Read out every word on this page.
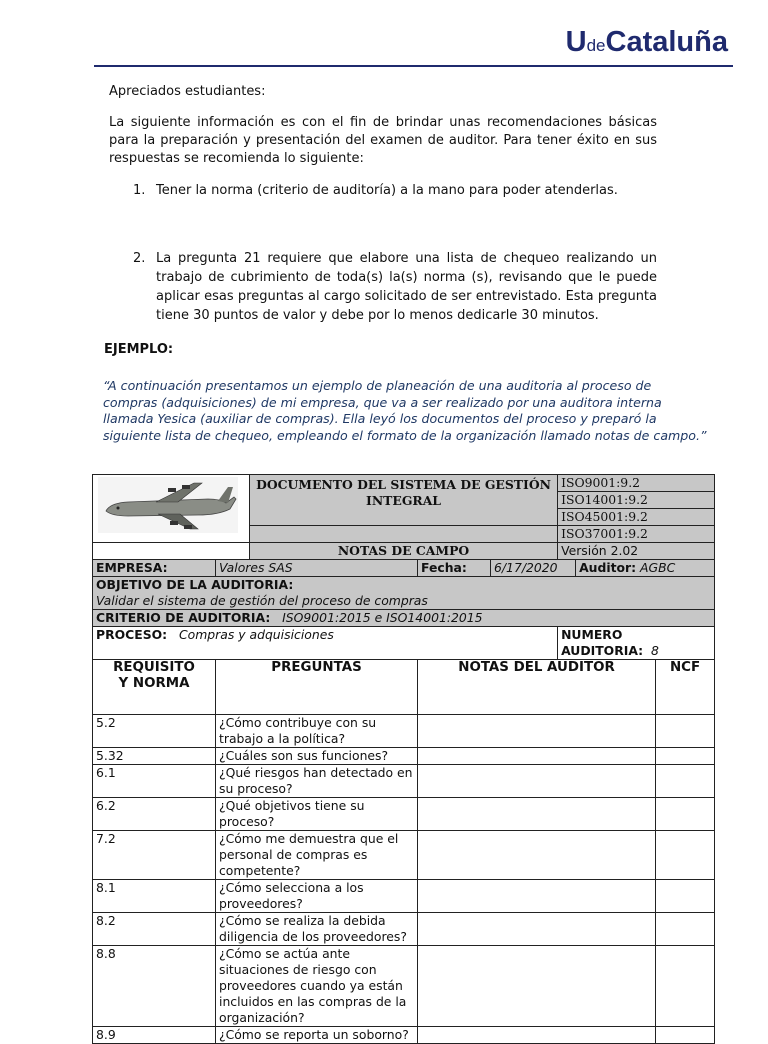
UdeCataluña

Apreciados estudiantes:

La siguiente información es con el fin de brindar unas recomendaciones básicas para la preparación y presentación del examen de auditor. Para tener éxito en sus respuestas se recomienda lo siguiente:

1. Tener la norma (criterio de auditoría) a la mano para poder atenderlas.
2. La pregunta 21 requiere que elabore una lista de chequeo realizando un trabajo de cubrimiento de toda(s) la(s) norma (s), revisando que le puede aplicar esas preguntas al cargo solicitado de ser entrevistado. Esta pregunta tiene 30 puntos de valor y debe por lo menos dedicarle 30 minutos.
EJEMPLO:

“A continuación presentamos un ejemplo de planeación de una auditoria al proceso de compras (adquisiciones) de mi empresa, que va a ser realizado por una auditora interna llamada Yesica (auxiliar de compras). Ella leyó los documentos del proceso y preparó la siguiente lista de chequeo, empleando el formato de la organización llamado notas de campo.”

	DOCUMENTO DEL SISTEMA DE GESTIÓN INTEGRAL			ISO9001:9.2		
					ISO14001:9.2		
					ISO45001:9.2		
					ISO37001:9.2		
		NOTAS DE CAMPO			Versión 2.02		
EMPRESA:	Valores SAS		Fecha:	6/17/2020		Auditor: AGBC	

OBJETIVO DE LA AUDITORIA:
Validar el sistema de gestión del proceso de compras							

CRITERIO DE AUDITORIA: ISO9001:2015 e ISO14001:2015							
PROCESO: Compras y adquisiciones					NUMERO AUDITORIA: 8		
REQUISITO Y NORMA	PREGUNTAS		NOTAS DEL AUDITOR				NCF
5.2	¿Cómo contribuye con su trabajo a la política?						
5.32	¿Cuáles son sus funciones?						
6.1	¿Qué riesgos han detectado en su proceso?						
6.2	¿Qué objetivos tiene su proceso?						
7.2	¿Cómo me demuestra que el personal de compras es competente?						
8.1	¿Cómo selecciona a los proveedores?						
8.2	¿Cómo se realiza la debida diligencia de los proveedores?						
8.8	¿Cómo se actúa ante situaciones de riesgo con proveedores cuando ya están incluidos en las compras de la organización?						
8.9	¿Cómo se reporta un soborno?						
